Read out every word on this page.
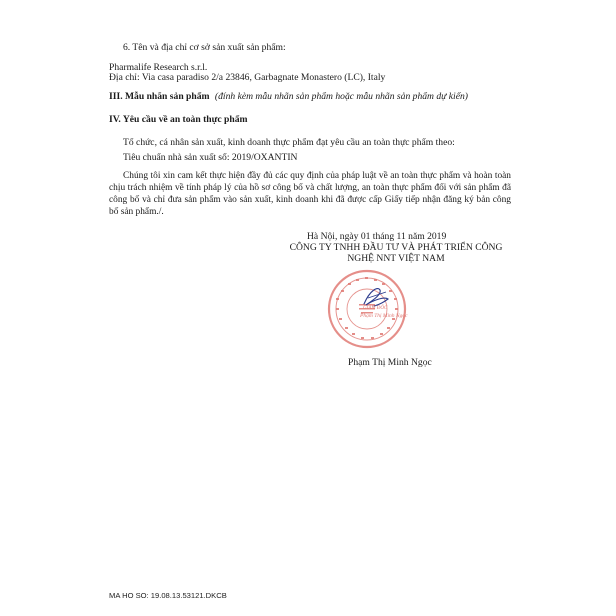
6. Tên và địa chỉ cơ sở sản xuất sản phẩm:
Pharmalife Research s.r.l.
Địa chỉ: Via casa paradiso 2/a 23846, Garbagnate Monastero (LC), Italy
III. Mẫu nhãn sản phẩm (đính kèm mẫu nhãn sản phẩm hoặc mẫu nhãn sản phẩm dự kiến)
IV. Yêu cầu về an toàn thực phẩm
Tổ chức, cá nhân sản xuất, kinh doanh thực phẩm đạt yêu cầu an toàn thực phẩm theo:
Tiêu chuẩn nhà sản xuất số: 2019/OXANTIN
Chúng tôi xin cam kết thực hiện đầy đủ các quy định của pháp luật về an toàn thực phẩm và hoàn toàn chịu trách nhiệm về tính pháp lý của hồ sơ công bố và chất lượng, an toàn thực phẩm đối với sản phẩm đã công bố và chỉ đưa sản phẩm vào sản xuất, kinh doanh khi đã được cấp Giấy tiếp nhận đăng ký bản công bố sản phẩm./.
Hà Nội, ngày 01 tháng 11 năm 2019
CÔNG TY TNHH ĐẦU TƯ VÀ PHÁT TRIỂN CÔNG
NGHỆ NNT VIỆT NAM
GIÁM ĐỐC
Phạm Thị Minh Ngọc
Phạm Thị Minh Ngọc
MA HO SO: 19.08.13.53121.DKCB
